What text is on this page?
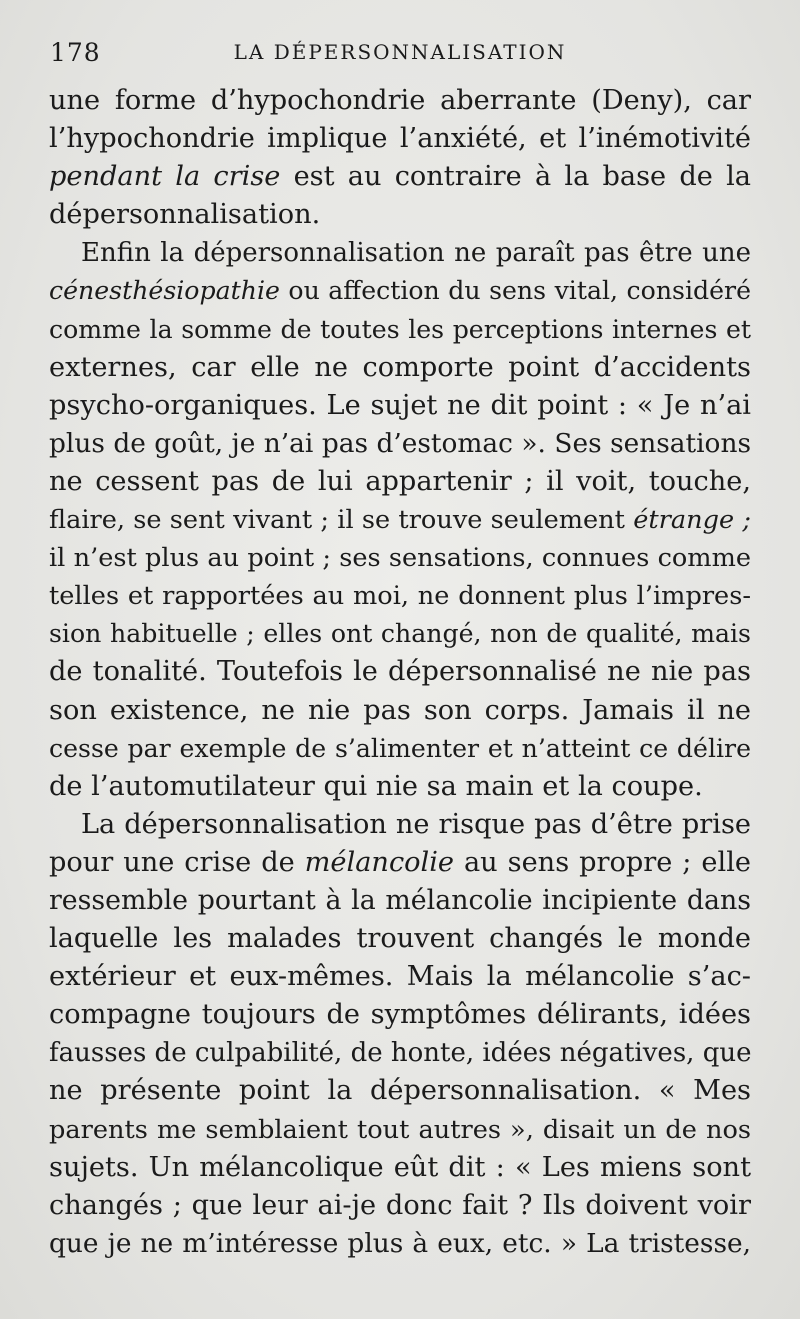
178	LA DÉPERSONNALISATION
une forme d’hypochondrie aberrante (Deny), car
l’hypochondrie implique l’anxiété, et l’inémotivité
pendant la crise est au contraire à la base de la
dépersonnalisation.
Enfin la dépersonnalisation ne paraît pas être une
cénesthésiopathie ou affection du sens vital, considéré
comme la somme de toutes les perceptions internes et
externes, car elle ne comporte point d’accidents
psycho-organiques. Le sujet ne dit point : « Je n’ai
plus de goût, je n’ai pas d’estomac ». Ses sensations
ne cessent pas de lui appartenir ; il voit, touche,
flaire, se sent vivant ; il se trouve seulement étrange ;
il n’est plus au point ; ses sensations, connues comme
telles et rapportées au moi, ne donnent plus l’impres-
sion habituelle ; elles ont changé, non de qualité, mais
de tonalité. Toutefois le dépersonnalisé ne nie pas
son existence, ne nie pas son corps. Jamais il ne
cesse par exemple de s’alimenter et n’atteint ce délire
de l’automutilateur qui nie sa main et la coupe.
La dépersonnalisation ne risque pas d’être prise
pour une crise de mélancolie au sens propre ; elle
ressemble pourtant à la mélancolie incipiente dans
laquelle les malades trouvent changés le monde
extérieur et eux-mêmes. Mais la mélancolie s’ac-
compagne toujours de symptômes délirants, idées
fausses de culpabilité, de honte, idées négatives, que
ne présente point la dépersonnalisation. « Mes
parents me semblaient tout autres », disait un de nos
sujets. Un mélancolique eût dit : « Les miens sont
changés ; que leur ai-je donc fait ? Ils doivent voir
que je ne m’intéresse plus à eux, etc. » La tristesse,
